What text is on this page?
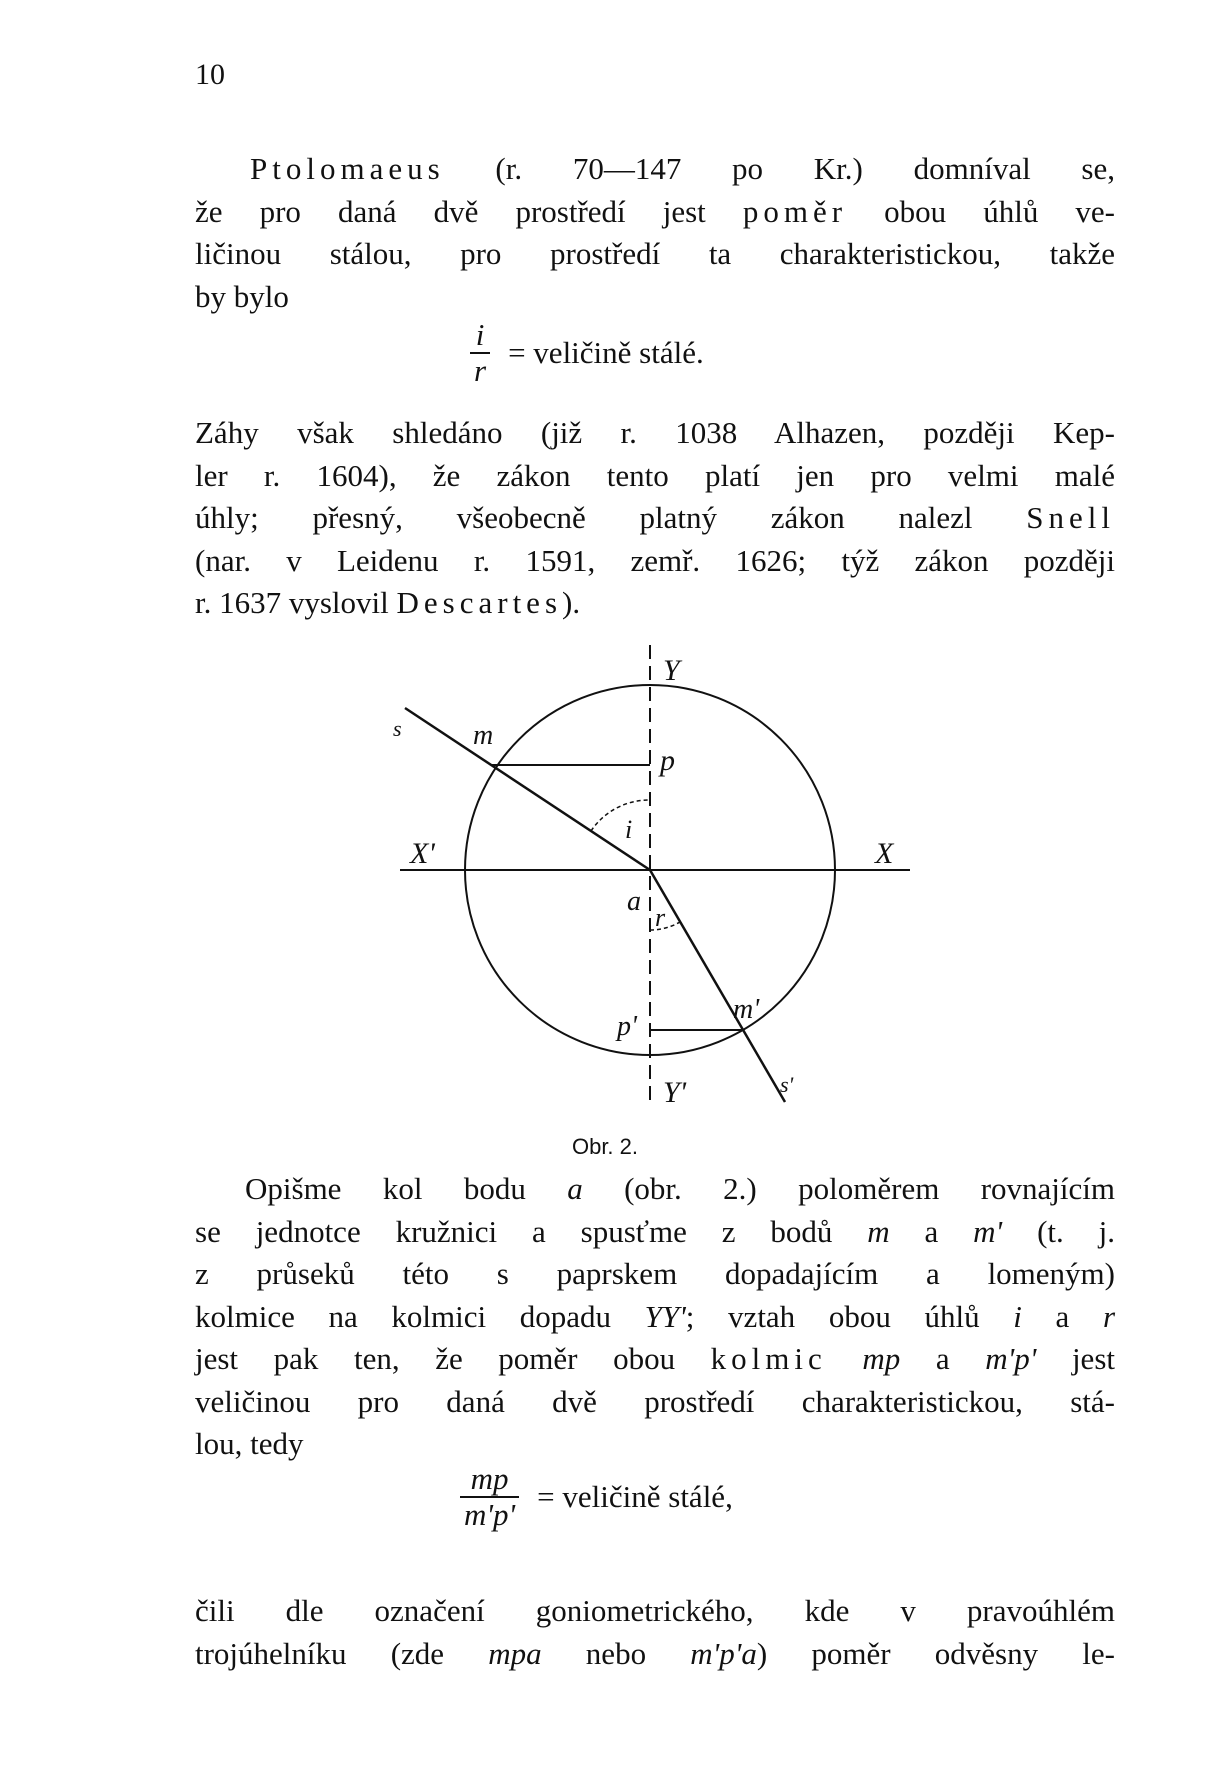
10
Ptolomaeus (r. 70—147 po Kr.) domníval se,
že pro daná dvě prostředí jest poměr obou úhlů ve-
ličinou stálou, pro prostředí ta charakteristickou, takže
by bylo
$\frac{i}{r}$ = veličině stálé.
Záhy však shledáno (již r. 1038 Alhazen, později Kep-
ler r. 1604), že zákon tento platí jen pro velmi malé
úhly; přesný, všeobecně platný zákon nalezl Snell
(nar. v Leidenu r. 1591, zemř. 1626; týž zákon později
r. 1637 vyslovil Descartes).
Y
Y'
X'	X
s
s'
m
m'
p
p'
a
i
r
Obr. 2.
Opišme kol bodu a (obr. 2.) poloměrem rovnajícím
se jednotce kružnici a spusťme z bodů m a m' (t. j.
z průseků této s paprskem dopadajícím a lomeným)
kolmice na kolmici dopadu YY'; vztah obou úhlů i a r
jest pak ten, že poměr obou kolmic mp a m'p' jest
veličinou pro daná dvě prostředí charakteristickou, stá-
lou, tedy
$\frac{mp}{m'p'}$ = veličině stálé,
čili dle označení goniometrického, kde v pravoúhlém
trojúhelníku (zde mpa nebo m'p'a) poměr odvěsny le-
